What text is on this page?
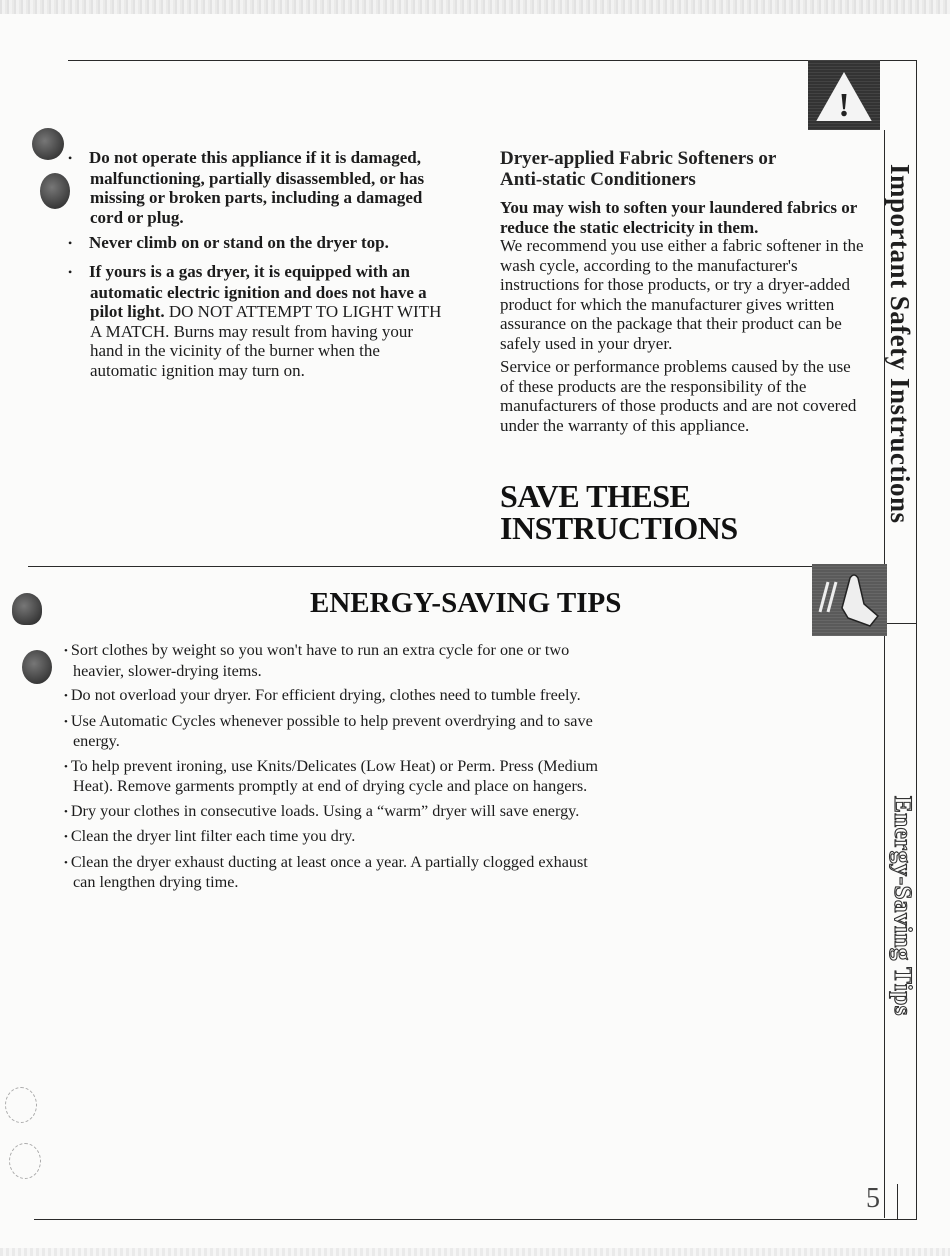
!
• Do not operate this appliance if it is damaged, malfunctioning, partially disassembled, or has missing or broken parts, including a damaged cord or plug.
• Never climb on or stand on the dryer top.
• If yours is a gas dryer, it is equipped with an automatic electric ignition and does not have a pilot light. DO NOT ATTEMPT TO LIGHT WITH A MATCH. Burns may result from having your hand in the vicinity of the burner when the automatic ignition may turn on.
Dryer-applied Fabric Softeners or Anti-static Conditioners
You may wish to soften your laundered fabrics or reduce the static electricity in them.
We recommend you use either a fabric softener in the wash cycle, according to the manufacturer's instructions for those products, or try a dryer-added product for which the manufacturer gives written assurance on the package that their product can be safely used in your dryer.
Service or performance problems caused by the use of these products are the responsibility of the manufacturers of those products and are not covered under the warranty of this appliance.
SAVE THESE
INSTRUCTIONS
ENERGY-SAVING TIPS
• Sort clothes by weight so you won't have to run an extra cycle for one or two heavier, slower-drying items.
• Do not overload your dryer. For efficient drying, clothes need to tumble freely.
• Use Automatic Cycles whenever possible to help prevent overdrying and to save energy.
• To help prevent ironing, use Knits/Delicates (Low Heat) or Perm. Press (Medium Heat). Remove garments promptly at end of drying cycle and place on hangers.
• Dry your clothes in consecutive loads. Using a “warm” dryer will save energy.
• Clean the dryer lint filter each time you dry.
• Clean the dryer exhaust ducting at least once a year. A partially clogged exhaust can lengthen drying time.
Important Safety Instructions
Energy-Saving Tips
5
